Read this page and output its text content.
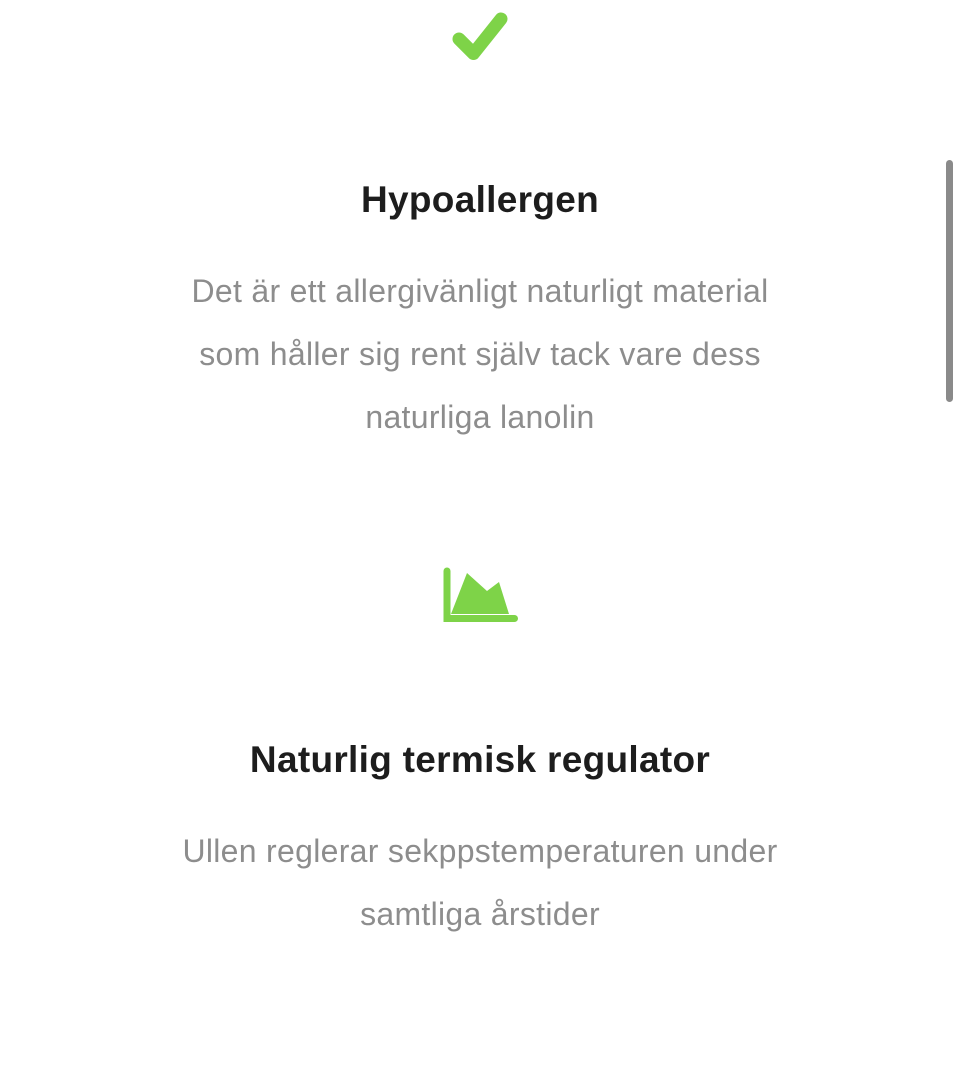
Hypoallergen

Det är ett allergivänligt naturligt material
som håller sig rent själv tack vare dess
naturliga lanolin

Naturlig termisk regulator

Ullen reglerar sekppstemperaturen under
samtliga årstider
